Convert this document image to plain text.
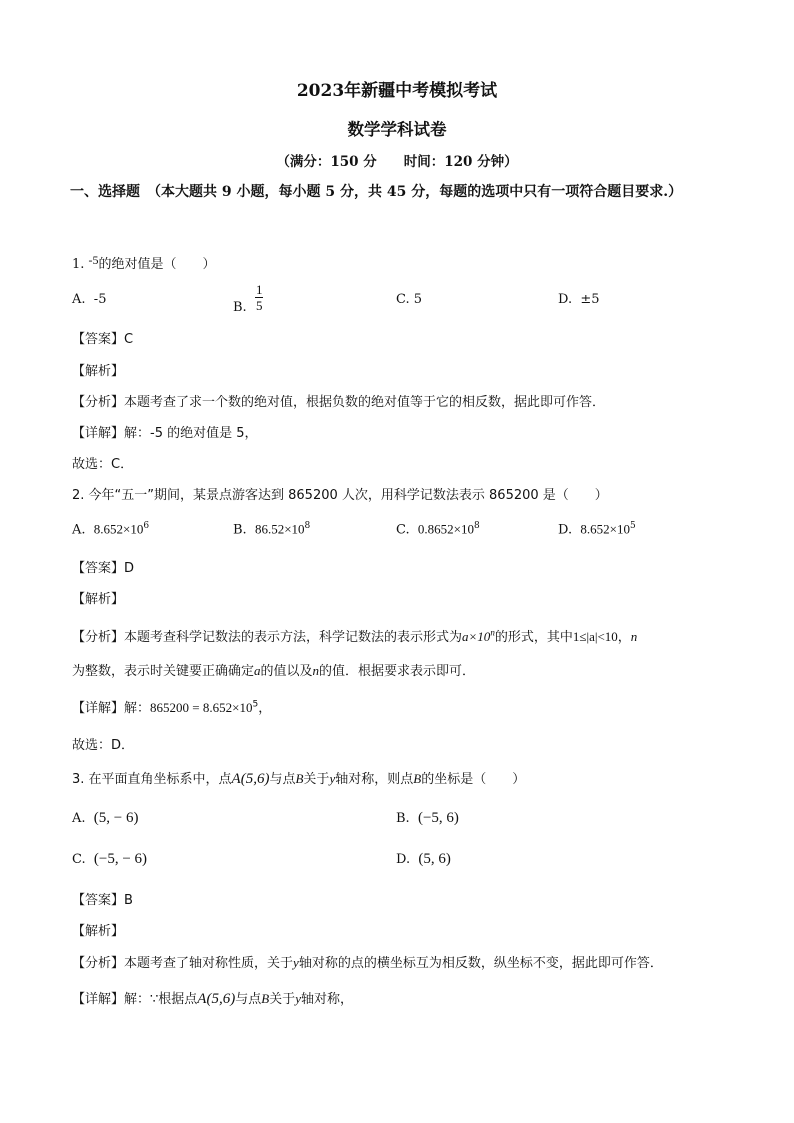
2023年新疆中考模拟考试
数学学科试卷
（满分：150 分　　时间：120 分钟）
一、选择题　（本大题共 9 小题，每小题 5 分，共 45 分，每题的选项中只有一项符合题目要求.）
1. -5的绝对值是（　　）
A. -5
B. $\frac{1}{5}$	C. 5	D. ±5
【答案】C
【解析】
【分析】本题考查了求一个数的绝对值，根据负数的绝对值等于它的相反数，据此即可作答．
【详解】解：-5 的绝对值是 5，
故选：C．
2. 今年“五一”期间，某景点游客达到 865200 人次，用科学记数法表示 865200 是（　　）
A. $8.652\times 10^6$	B. $86.52\times 10^8$	C. $0.8652\times 10^8$	D. $8.652\times 10^5$
【答案】D
【解析】
【分析】本题考查科学记数法的表示方法，科学记数法的表示形式为$a\times 10^n$的形式，其中1≤|a|<10，n
为整数，表示时关键要正确确定a的值以及n的值．根据要求表示即可．
【详解】解：$865200 = 8.652\times 10^5$，
故选：D．
3. 在平面直角坐标系中，点A(5,6)与点B关于y轴对称，则点B的坐标是（　　）
A. (5, − 6)	B. (−5, 6)
C. (−5, − 6)	D. (5, 6)
【答案】B
【解析】
【分析】本题考查了轴对称性质，关于y轴对称的点的横坐标互为相反数，纵坐标不变，据此即可作答．
【详解】解：∵根据点A(5,6)与点B关于y轴对称，
